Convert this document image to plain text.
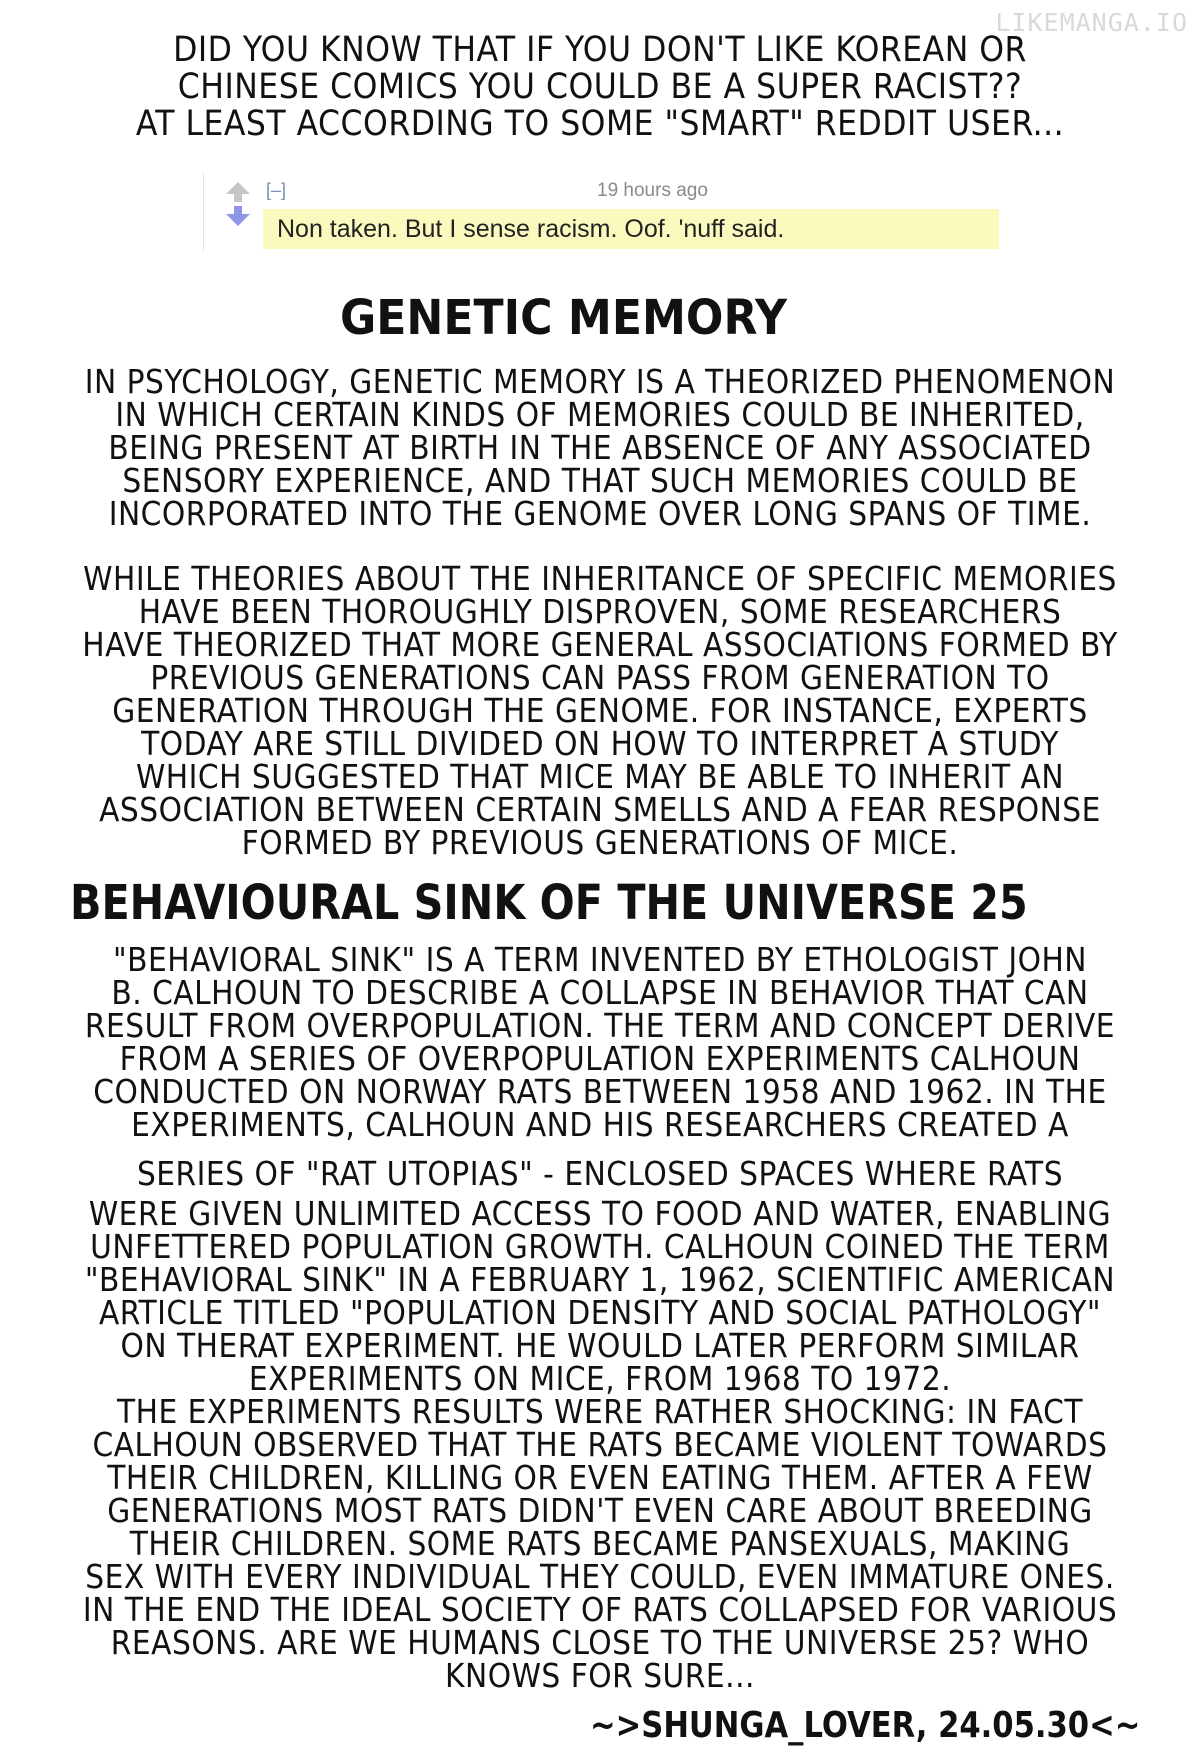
LIKEMANGA.IO
DID YOU KNOW THAT IF YOU DON'T LIKE KOREAN OR
CHINESE COMICS YOU COULD BE A SUPER RACIST??
AT LEAST ACCORDING TO SOME "SMART" REDDIT USER...
[–]	19 hours ago
Non taken. But I sense racism. Oof. 'nuff said.
GENETIC MEMORY
IN PSYCHOLOGY, GENETIC MEMORY IS A THEORIZED PHENOMENON
IN WHICH CERTAIN KINDS OF MEMORIES COULD BE INHERITED,
BEING PRESENT AT BIRTH IN THE ABSENCE OF ANY ASSOCIATED
SENSORY EXPERIENCE, AND THAT SUCH MEMORIES COULD BE
INCORPORATED INTO THE GENOME OVER LONG SPANS OF TIME.
WHILE THEORIES ABOUT THE INHERITANCE OF SPECIFIC MEMORIES
HAVE BEEN THOROUGHLY DISPROVEN, SOME RESEARCHERS
HAVE THEORIZED THAT MORE GENERAL ASSOCIATIONS FORMED BY
PREVIOUS GENERATIONS CAN PASS FROM GENERATION TO
GENERATION THROUGH THE GENOME. FOR INSTANCE, EXPERTS
TODAY ARE STILL DIVIDED ON HOW TO INTERPRET A STUDY
WHICH SUGGESTED THAT MICE MAY BE ABLE TO INHERIT AN
ASSOCIATION BETWEEN CERTAIN SMELLS AND A FEAR RESPONSE
FORMED BY PREVIOUS GENERATIONS OF MICE.
BEHAVIOURAL SINK OF THE UNIVERSE 25
"BEHAVIORAL SINK" IS A TERM INVENTED BY ETHOLOGIST JOHN
B. CALHOUN TO DESCRIBE A COLLAPSE IN BEHAVIOR THAT CAN
RESULT FROM OVERPOPULATION. THE TERM AND CONCEPT DERIVE
FROM A SERIES OF OVERPOPULATION EXPERIMENTS CALHOUN
CONDUCTED ON NORWAY RATS BETWEEN 1958 AND 1962. IN THE
EXPERIMENTS, CALHOUN AND HIS RESEARCHERS CREATED A
SERIES OF "RAT UTOPIAS" - ENCLOSED SPACES WHERE RATS
WERE GIVEN UNLIMITED ACCESS TO FOOD AND WATER, ENABLING
UNFETTERED POPULATION GROWTH. CALHOUN COINED THE TERM
"BEHAVIORAL SINK" IN A FEBRUARY 1, 1962, SCIENTIFIC AMERICAN
ARTICLE TITLED "POPULATION DENSITY AND SOCIAL PATHOLOGY"
ON THERAT EXPERIMENT. HE WOULD LATER PERFORM SIMILAR
EXPERIMENTS ON MICE, FROM 1968 TO 1972.
THE EXPERIMENTS RESULTS WERE RATHER SHOCKING: IN FACT
CALHOUN OBSERVED THAT THE RATS BECAME VIOLENT TOWARDS
THEIR CHILDREN, KILLING OR EVEN EATING THEM. AFTER A FEW
GENERATIONS MOST RATS DIDN'T EVEN CARE ABOUT BREEDING
THEIR CHILDREN. SOME RATS BECAME PANSEXUALS, MAKING
SEX WITH EVERY INDIVIDUAL THEY COULD, EVEN IMMATURE ONES.
IN THE END THE IDEAL SOCIETY OF RATS COLLAPSED FOR VARIOUS
REASONS. ARE WE HUMANS CLOSE TO THE UNIVERSE 25? WHO
KNOWS FOR SURE...
~>SHUNGA_LOVER, 24.05.30<~
